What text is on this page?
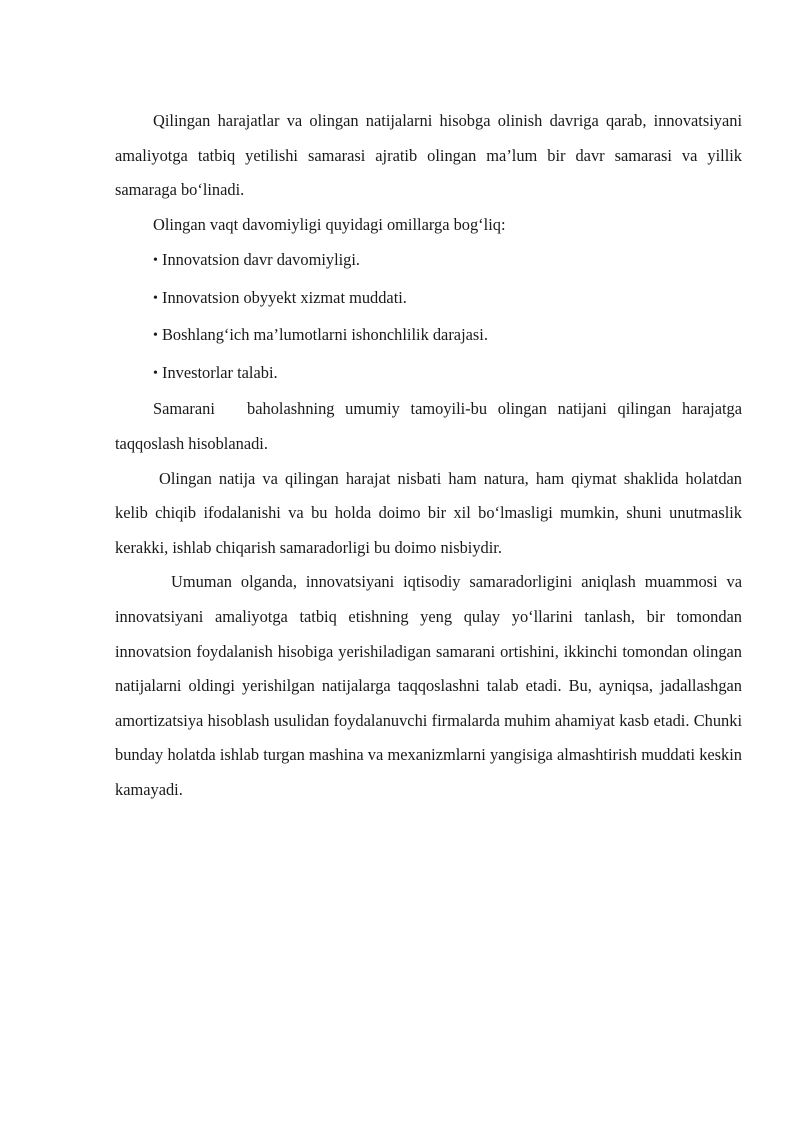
Qilingan harajatlar va olingan natijalarni hisobga olinish davriga qarab, innovatsiyani amaliyotga tatbiq yetilishi samarasi ajratib olingan ma’lum bir davr samarasi va yillik samaraga bo‘linadi.

Olingan vaqt davomiyligi quyidagi omillarga bog‘liq:

• Innovatsion davr davomiyligi.
• Innovatsion obyyekt xizmat muddati.
• Boshlang‘ich ma’lumotlarni ishonchlilik darajasi.
• Investorlar talabi.

Samarani   baholashning umumiy tamoyili-bu olingan natijani qilingan harajatga taqqoslash hisoblanadi.

Olingan natija va qilingan harajat nisbati ham natura, ham qiymat shaklida holatdan kelib chiqib ifodalanishi va bu holda doimo bir xil bo‘lmasligi mumkin, shuni unutmaslik kerakki, ishlab chiqarish samaradorligi bu doimo nisbiydir.

Umuman olganda, innovatsiyani iqtisodiy samaradorligini aniqlash muammosi va innovatsiyani amaliyotga tatbiq etishning yeng qulay yo‘llarini tanlash, bir tomondan innovatsion foydalanish hisobiga yerishiladigan samarani ortishini, ikkinchi tomondan olingan natijalarni oldingi yerishilgan natijalarga taqqoslashni talab etadi. Bu, ayniqsa, jadallashgan amortizatsiya hisoblash usulidan foydalanuvchi firmalarda muhim ahamiyat kasb etadi. Chunki bunday holatda ishlab turgan mashina va mexanizmlarni yangisiga almashtirish muddati keskin kamayadi.
